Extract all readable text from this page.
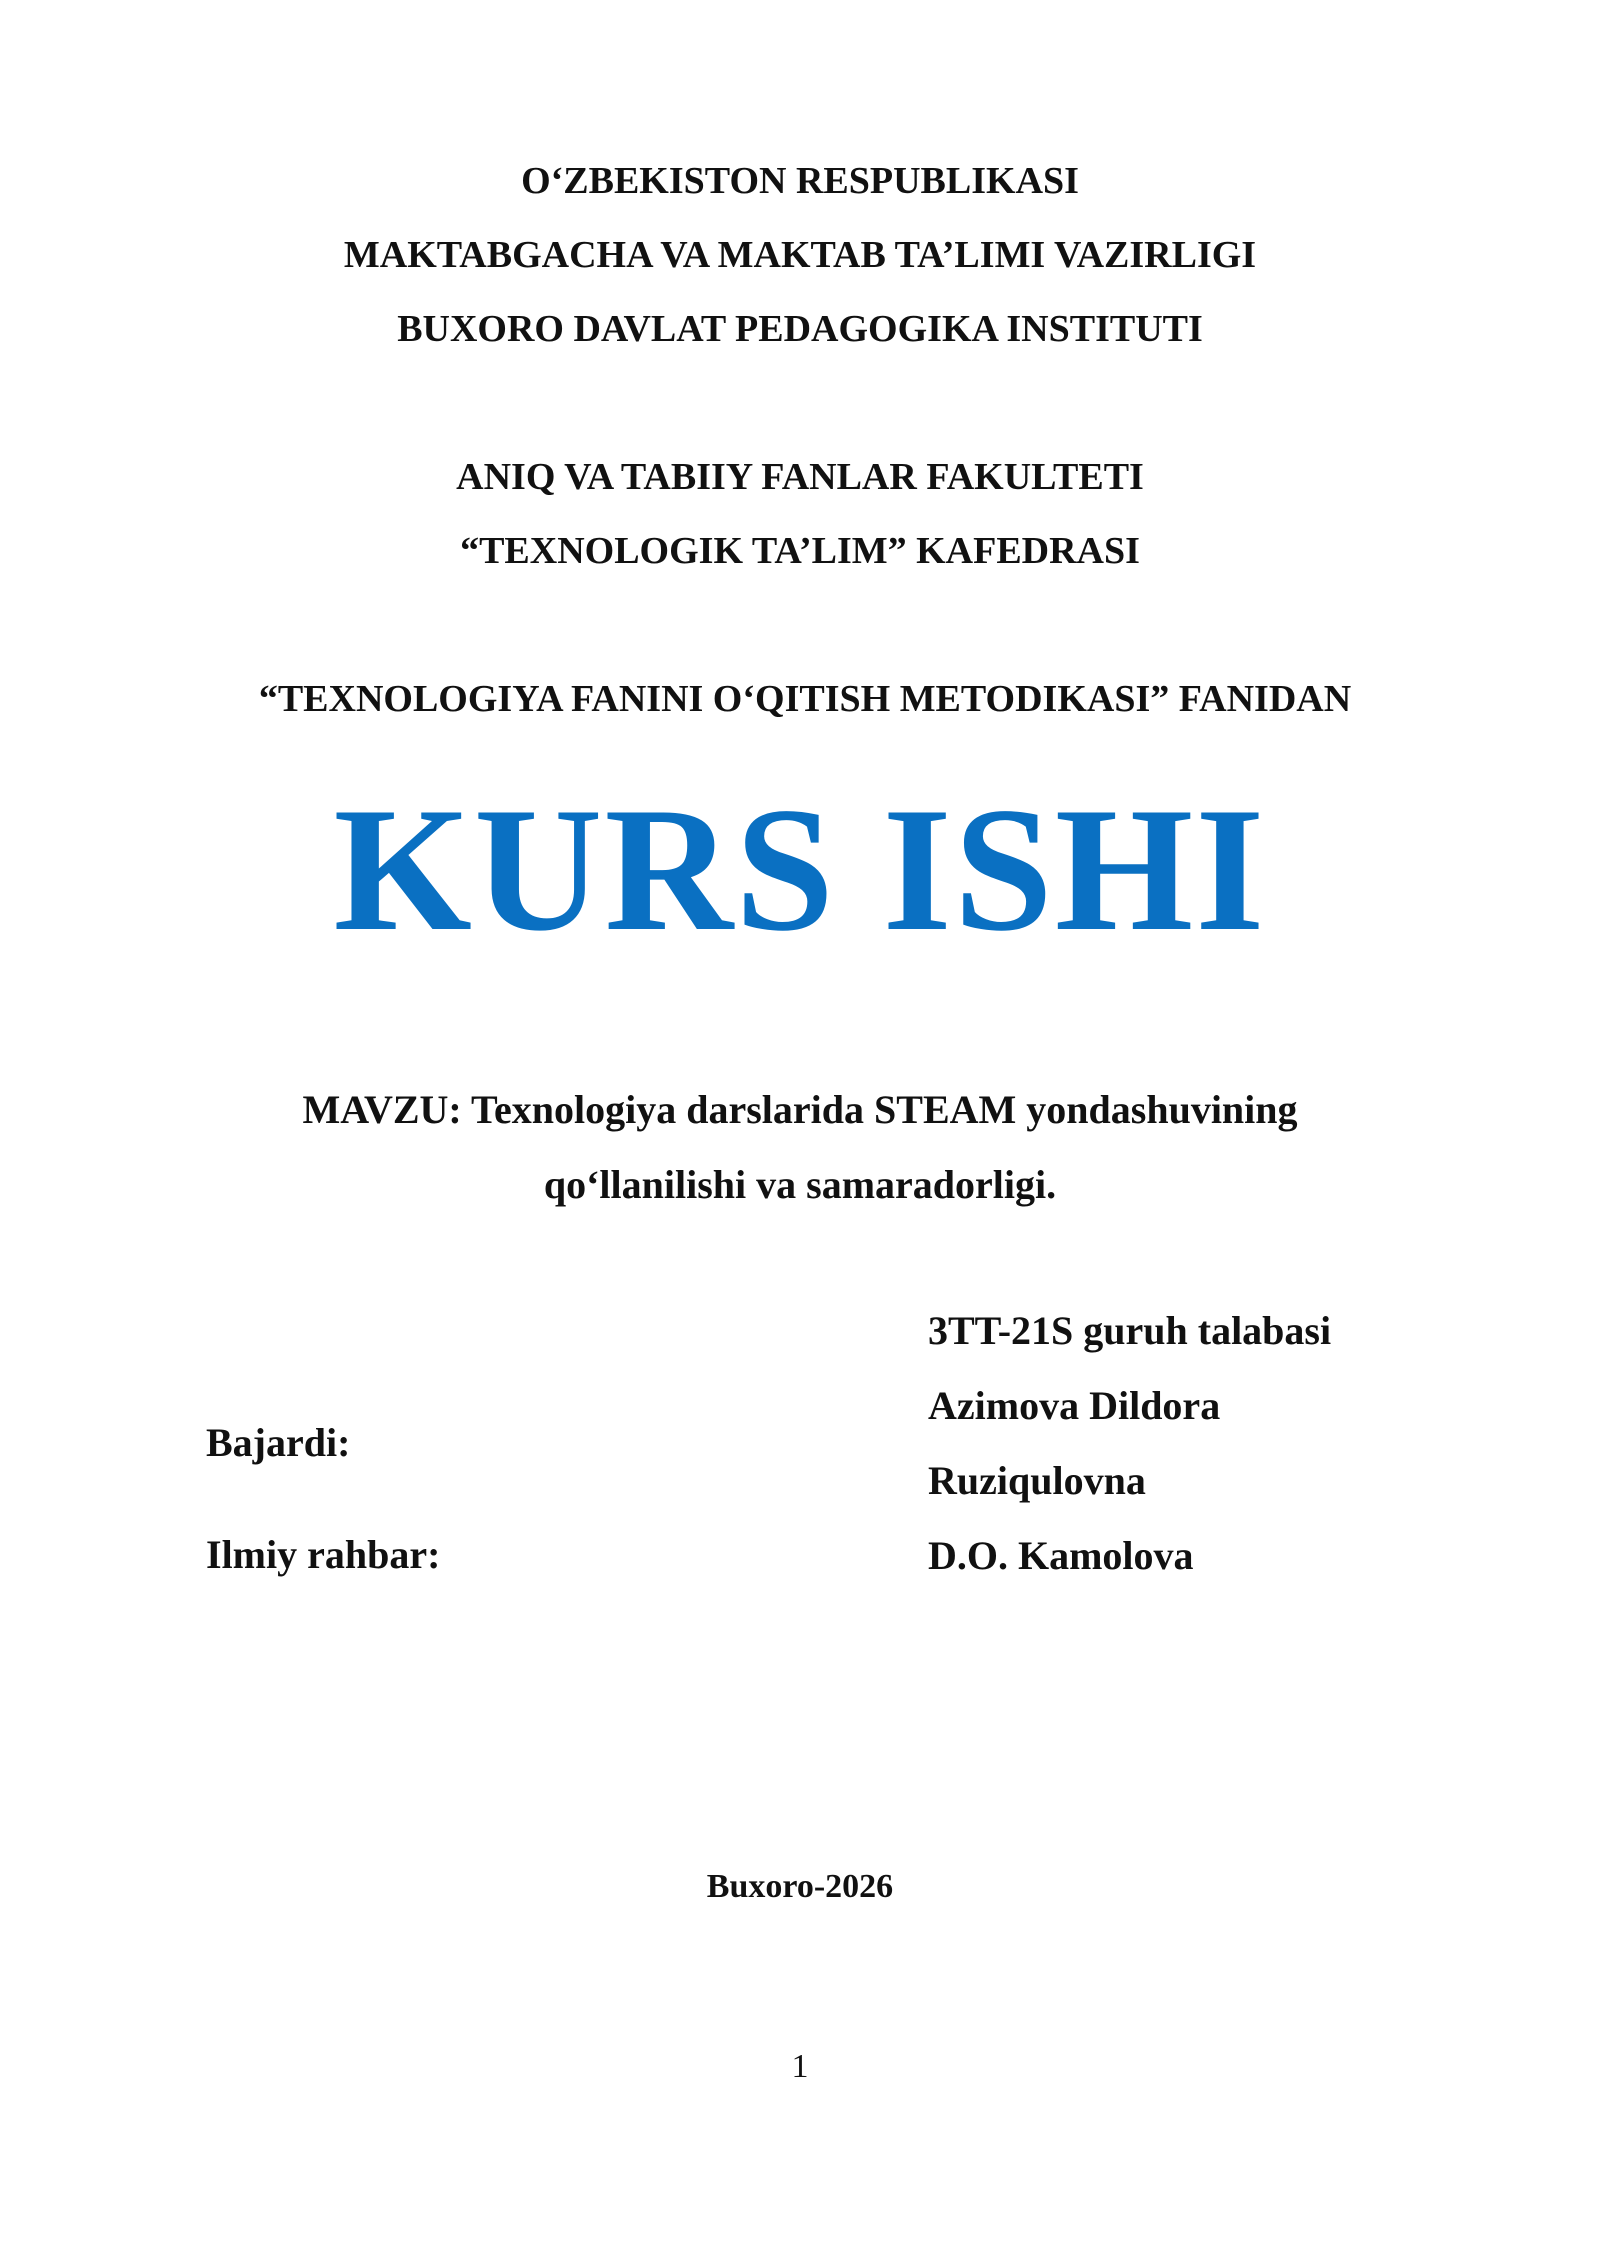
O‘ZBEKISTON RESPUBLIKASI
MAKTABGACHA VA MAKTAB TA’LIMI VAZIRLIGI
BUXORO DAVLAT PEDAGOGIKA INSTITUTI
ANIQ VA TABIIY FANLAR FAKULTETI
“TEXNOLOGIK TA’LIM” KAFEDRASI
“TEXNOLOGIYA FANINI O‘QITISH METODIKASI” FANIDAN
KURS ISHI
MAVZU: Texnologiya darslarida STEAM yondashuvining
qo‘llanilishi va samaradorligi.
Bajardi:
Ilmiy rahbar:
3TT-21S guruh talabasi
Azimova Dildora
Ruziqulovna
D.O. Kamolova
Buxoro-2026
1
